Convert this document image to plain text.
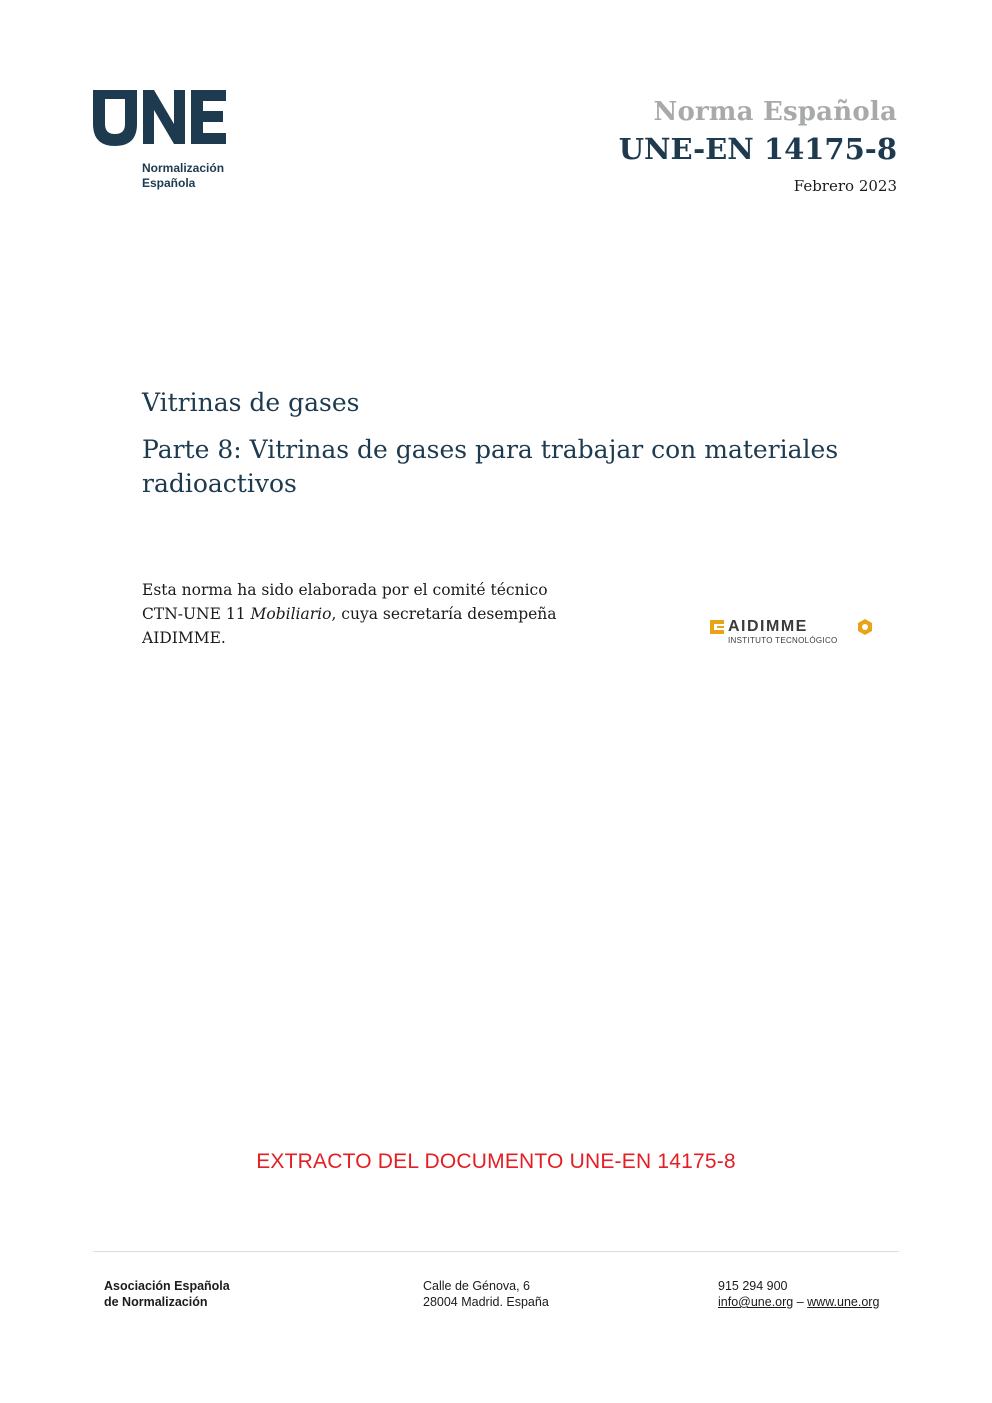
Normalización
Española
Norma Española
UNE-EN 14175-8
Febrero 2023
Vitrinas de gases
Parte 8: Vitrinas de gases para trabajar con materiales radioactivos
Esta norma ha sido elaborada por el comité técnico CTN-UNE 11 Mobiliario, cuya secretaría desempeña AIDIMME.
AIDIMME
INSTITUTO TECNOLÓGICO
EXTRACTO DEL DOCUMENTO UNE-EN 14175-8
Asociación Española
de Normalización
Calle de Génova, 6
28004 Madrid. España
915 294 900
info@une.org – www.une.org
